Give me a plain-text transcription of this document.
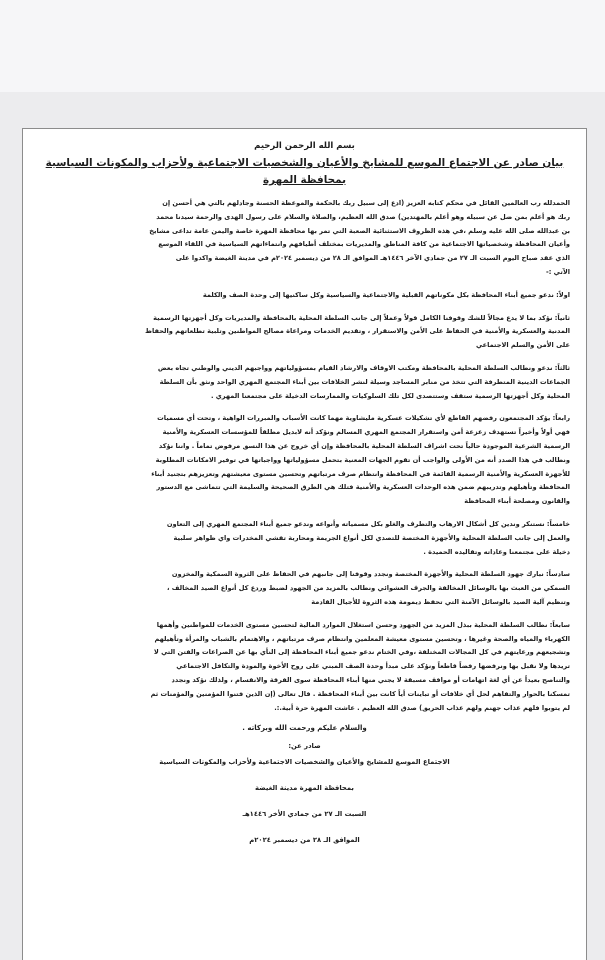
بسم الله الرحمن الرحيم
بيان صادر عن الاجتماع الموسع للمشايخ والأعيان والشخصيات الاجتماعية ولأحزاب والمكونات السياسية بمحافظة المهرة
الحمدلله رب العالمين القائل في محكم كتابه العزيز (ادع إلى سبيل ربك بالحكمة والموعظة الحسنة وجادلهم بالتي هي أحسن إن
ربك هو أعلم بمن ضل عن سبيله وهو أعلم بالمهتدين) صدق الله العظيم، والصلاة والسلام على رسول الهدى والرحمة سيدنا محمد
بن عبدالله صلى الله عليه وسلم ،في هذه الظروف الاستثنائية الصعبة التي تمر بها محافظة المهرة خاصة واليمن عامة تداعى مشايخ
وأعيان المحافظة وشخصياتها الاجتماعية من كافة المناطق والمديريات بمختلف أطيافهم وانتماءاتهم السياسية في اللقاء الموسع
الذي عقد صباح اليوم السبت الـ ٢٧ من جمادي الآخر ١٤٤٦هـ الموافق الـ ٢٨ من ديسمبر ٢٠٢٤م في مدينة الغيضة واكدوا على
الآتي :-
اولاً: ندعو جميع أبناء المحافظة بكل مكوناتهم القبلية والاجتماعية والسياسية وكل ساكنيها إلى وحدة الصف والكلمة
ثانياً: نؤكد بما لا يدع مجالاً للشك وقوفنا الكامل قولاً وعملاً إلى جانب السلطة المحلية بالمحافظة والمديريات وكل أجهزتها الرسمية
المدنية والعسكرية والأمنية في الحفاظ على الأمن والاستقرار ، وتقديم الخدمات ومراعاة مصالح المواطنين وتلبية تطلعاتهم والحفاظ
على الأمن والسلم الاجتماعي
ثالثاً: ندعو ونطالب السلطة المحلية بالمحافظة ومكتب الاوقاف والارشاد القيام بمسؤولياتهم وواجبهم الديني والوطني تجاه بعض
الجماعات الدينية المتطرفة التي تتخذ من منابر المساجد وسيلة لنشر الخلافات بين أبناء المجتمع المهري الواحد ونثق بأن السلطة
المحلية وكل أجهزتها الرسمية ستقف وستتصدى لكل تلك السلوكيات والممارسات الدخيلة على مجتمعنا المهري .
رابعاً: يؤكد المجتمعون رفضهم القاطع لأي تشكيلات عسكرية مليشاوية مهما كانت الأسباب والمبررات الواهية ، وتحت أي مسميات
فهي أولاً وأخيراً تستهدف زعزعة أمن واستقرار المجتمع المهري المسالم ونؤكد أنه لابديل مطلقاً للمؤسسات العسكرية والأمنية
الرسمية الشرعية الموجودة حالياً تحت اشراف السلطة المحلية بالمحافظة وإن أي خروج عن هذا النسق مرفوض تماماً . واننا نؤكد
ونطالب في هذا الصدد أنه من الأولى والواجب أن تقوم الجهات المعنية بتحمل مسؤولياتها وواجباتها في توفير الامكانات المطلوبة
للأجهزة العسكرية والأمنية الرسمية القائمة في المحافظة وانتظام صرف مرتباتهم وتحسين مستوى معيشتهم وتعزيزهم بتجنيد أبناء
المحافظة وتأهيلهم وتدريبهم ضمن هذه الوحدات العسكرية والأمنية فتلك هي الطرق الصحيحة والسليمة التي تتماشى مع الدستور
والقانون ومصلحة أبناء المحافظة
خامساً: نستنكر وندين كل أشكال الارهاب والتطرف والغلو بكل مسمياته وأنواعه وندعو جميع أبناء المجتمع المهري إلى التعاون
والعمل إلى جانب السلطة المحلية والأجهزة المختصة للتصدي لكل أنواع الجريمة ومحاربة تفشي المخدرات واي ظواهر سلبية
دخيلة على مجتمعنا وعاداته وتقاليده الحميدة .
سادساً: نبارك جهود السلطة المحلية والأجهزة المختصة ونجدد وقوفنا إلى جانبهم في الحفاظ على الثروة السمكية والمخزون
السمكي من العبث بها بالوسائل المخالفة والجرف العشوائي ونطالب بالمزيد من الجهود لضبط وردع كل أنواع الصيد المخالف ،
وتنظيم آلية الصيد بالوسائل الآمنة التي تحفظ ديمومة هذه الثروة للأجيال القادمة
سابعاً: نطالب السلطة المحلية ببذل المزيد من الجهود وحسن استغلال الموارد المالية لتحسين مستوى الخدمات للمواطنين وأهمها
الكهرباء والمياه والصحة وغيرها ، وتحسين مستوى معيشة المعلمين وانتظام صرف مرتباتهم ، والاهتمام بالشباب والمرأة وتأهيلهم
وتشجيعهم ورعايتهم في كل المجالات المختلفة ،وفي الختام ندعو جميع أبناء المحافظة إلى النأي بها عن الصراعات والفتن التي لا
تريدها ولا نقبل بها ونرفضها رفضاً قاطعاً ونؤكد على مبدأ وحدة الصف المبني على روح الأخوة والمودة والتكافل الاجتماعي
والتناصح بعيداً عن أي لغة اتهامات أو مواقف مسبقة لا يجني منها أبناء المحافظة سوى الفرقة والانقسام ، ولذلك نؤكد ونجدد
تمسكنا بالحوار والتفاهم لحل أي خلافات أو تباينات أياً كانت بين أبناء المحافظة . قال تعالى (إن الذين فتنوا المؤمنين والمؤمنات ثم
لم يتوبوا فلهم عذاب جهنم ولهم عذاب الحريق) صدق الله العظيم . عاشت المهرة حرة أبية.:.
والسلام عليكم ورحمت الله وبركاته .
صادر عن:
الاجتماع الموسع للمشايخ والأعيان والشخصيات الاجتماعية ولأحزاب والمكونات السياسية
بمحافظة المهرة مدينة الغيضة
السبت الـ ٢٧ من جمادي الأخر ١٤٤٦هـ
الموافق الـ ٢٨ من ديسمبر ٢٠٢٤م
